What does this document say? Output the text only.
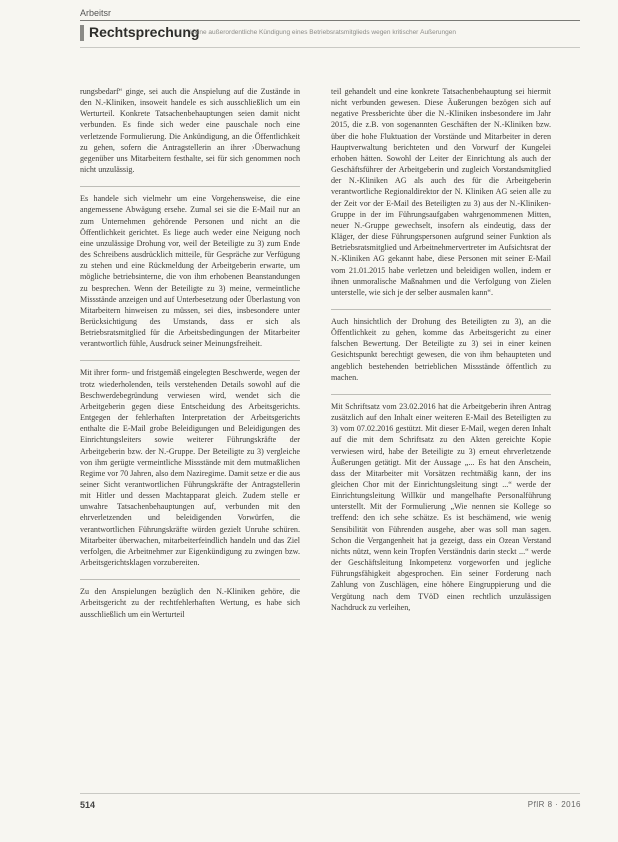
Arbeitsr
Rechtsprechung
Keine außerordentliche Kündigung eines Betriebsratsmitglieds wegen kritischer Äußerungen

rungsbedarf“ ginge, sei auch die Anspielung auf die Zustände in den N.-Kliniken, insoweit handele es sich ausschließlich um ein Werturteil. Konkrete Tatsachenbehauptungen seien damit nicht verbunden. Es finde sich weder eine pauschale noch eine verletzende Formulierung. Die Ankündigung, an die Öffentlichkeit zu gehen, sofern die Antragstellerin an ihrer ›Überwachung gegenüber uns Mitarbeitern festhalte, sei für sich genommen noch nicht unzulässig.

Es handele sich vielmehr um eine Vorgehensweise, die eine angemessene Abwägung ersehe. Zumal sei sie die E-Mail nur an zum Unternehmen gehörende Personen und nicht an die Öffentlichkeit gerichtet. Es liege auch weder eine Neigung noch eine unzulässige Drohung vor, weil der Beteiligte zu 3) zum Ende des Schreibens ausdrücklich mitteile, für Gespräche zur Verfügung zu stehen und eine Rückmeldung der Arbeitgeberin erwarte, um mögliche betriebsinterne, die von ihm erhobenen Beanstandungen zu besprechen. Wenn der Beteiligte zu 3) meine, vermeintliche Missstände anzeigen und auf Unterbesetzung oder Überlastung von Mitarbeitern hinweisen zu müssen, sei dies, insbesondere unter Berücksichtigung des Umstands, dass er sich als Betriebsratsmitglied für die Arbeitsbedingungen der Mitarbeiter verantwortlich fühle, Ausdruck seiner Meinungsfreiheit.

Mit ihrer form- und fristgemäß eingelegten Beschwerde, wegen der trotz wiederholenden, teils verstehenden Details sowohl auf die Beschwerdebegründung verwiesen wird, wendet sich die Arbeitgeberin gegen diese Entscheidung des Arbeitsgerichts. Entgegen der fehlerhaften Interpretation der Arbeitsgerichts enthalte die E-Mail grobe Beleidigungen und Beleidigungen des Einrichtungsleiters sowie weiterer Führungskräfte der Arbeitgeberin bzw. der N.-Gruppe. Der Beteiligte zu 3) vergleiche von ihm gerügte vermeintliche Missstände mit dem mutmaßlichen Regime vor 70 Jahren, also dem Naziregime. Damit setze er die aus seiner Sicht verantwortlichen Führungskräfte der Antragstellerin mit Hitler und dessen Machtapparat gleich. Zudem stelle er unwahre Tatsachenbehauptungen auf, verbunden mit den ehrverletzenden und beleidigenden Vorwürfen, die verantwortlichen Führungskräfte würden gezielt Unruhe schüren. Mitarbeiter überwachen, mitarbeiterfeindlich handeln und das Ziel verfolgen, die Arbeitnehmer zur Eigenkündigung zu zwingen bzw. Arbeitsgerichtsklagen vorzubereiten.

Zu den Anspielungen bezüglich den N.-Kliniken gehöre, die Arbeitsgericht zu der rechtfehlerhaften Wertung, es habe sich ausschließlich um ein Werturteil

teil gehandelt und eine konkrete Tatsachenbehauptung sei hiermit nicht verbunden gewesen. Diese Äußerungen bezögen sich auf negative Pressberichte über die N.-Kliniken insbesondere im Jahr 2015, die z.B. von sogenannten Geschäften der N.-Kliniken bzw. über die hohe Fluktuation der Vorstände und Mitarbeiter in deren Hauptverwaltung berichteten und den Vorwurf der Kungelei erhoben hätten. Sowohl der Leiter der Einrichtung als auch der Geschäftsführer der Arbeitgeberin und zugleich Vorstandsmitglied der N.-Kliniken AG als auch des für die Arbeitgeberin verantwortliche Regionaldirektor der N. Kliniken AG seien alle zu der Zeit vor der E-Mail des Beteiligten zu 3) aus der N.-Kliniken-Gruppe in der im Führungsaufgaben wahrgenommenen Mitten, neuer N.-Gruppe gewechselt, insofern als eindeutig, dass der Kläger, der diese Führungspersonen aufgrund seiner Funktion als Betriebsratsmitglied und Arbeitnehmervertreter im Aufsichtsrat der N.-Kliniken AG gekannt habe, diese Personen mit seiner E-Mail vom 21.01.2015 habe verletzen und beleidigen wollen, indem er ihnen unmoralische Maßnahmen und die Verfolgung von Zielen unterstelle, wie sich je der selber ausmalen kann“.

Auch hinsichtlich der Drohung des Beteiligten zu 3), an die Öffentlichkeit zu gehen, komme das Arbeitsgericht zu einer falschen Bewertung. Der Beteiligte zu 3) sei in einer keinen Gesichtspunkt berechtigt gewesen, die von ihm behaupteten und angeblich bestehenden betrieblichen Missstände öffentlich zu machen.

Mit Schriftsatz vom 23.02.2016 hat die Arbeitgeberin ihren Antrag zusätzlich auf den Inhalt einer weiteren E-Mail des Beteiligten zu 3) vom 07.02.2016 gestützt. Mit dieser E-Mail, wegen deren Inhalt auf die mit dem Schriftsatz zu den Akten gereichte Kopie verwiesen wird, habe der Beteiligte zu 3) erneut ehrverletzende Äußerungen getätigt. Mit der Aussage „... Es hat den Anschein, dass der Mitarbeiter mit Vorsätzen rechtmäßig kann, der ins gleichen Chor mit der Einrichtungsleitung singt ...“ werde der Einrichtungsleitung Willkür und mangelhafte Personalführung unterstellt. Mit der Formulierung „Wie nennen sie Kollege so treffend: den ich sehe schätze. Es ist beschämend, wie wenig Sensibilität von Führenden ausgehe, aber was soll man sagen. Schon die Vergangenheit hat ja gezeigt, dass ein Ozean Verstand nichts nützt, wenn kein Tropfen Verständnis darin steckt ...“ werde der Geschäftsleitung Inkompetenz vorgeworfen und jegliche Führungsfähigkeit abgesprochen. Ein seiner Forderung nach Zahlung von Zuschlägen, eine höhere Eingruppierung und die Vergütung nach dem TVöD einen rechtlich unzulässigen Nachdruck zu verleihen,

514	PflR 8 · 2016
